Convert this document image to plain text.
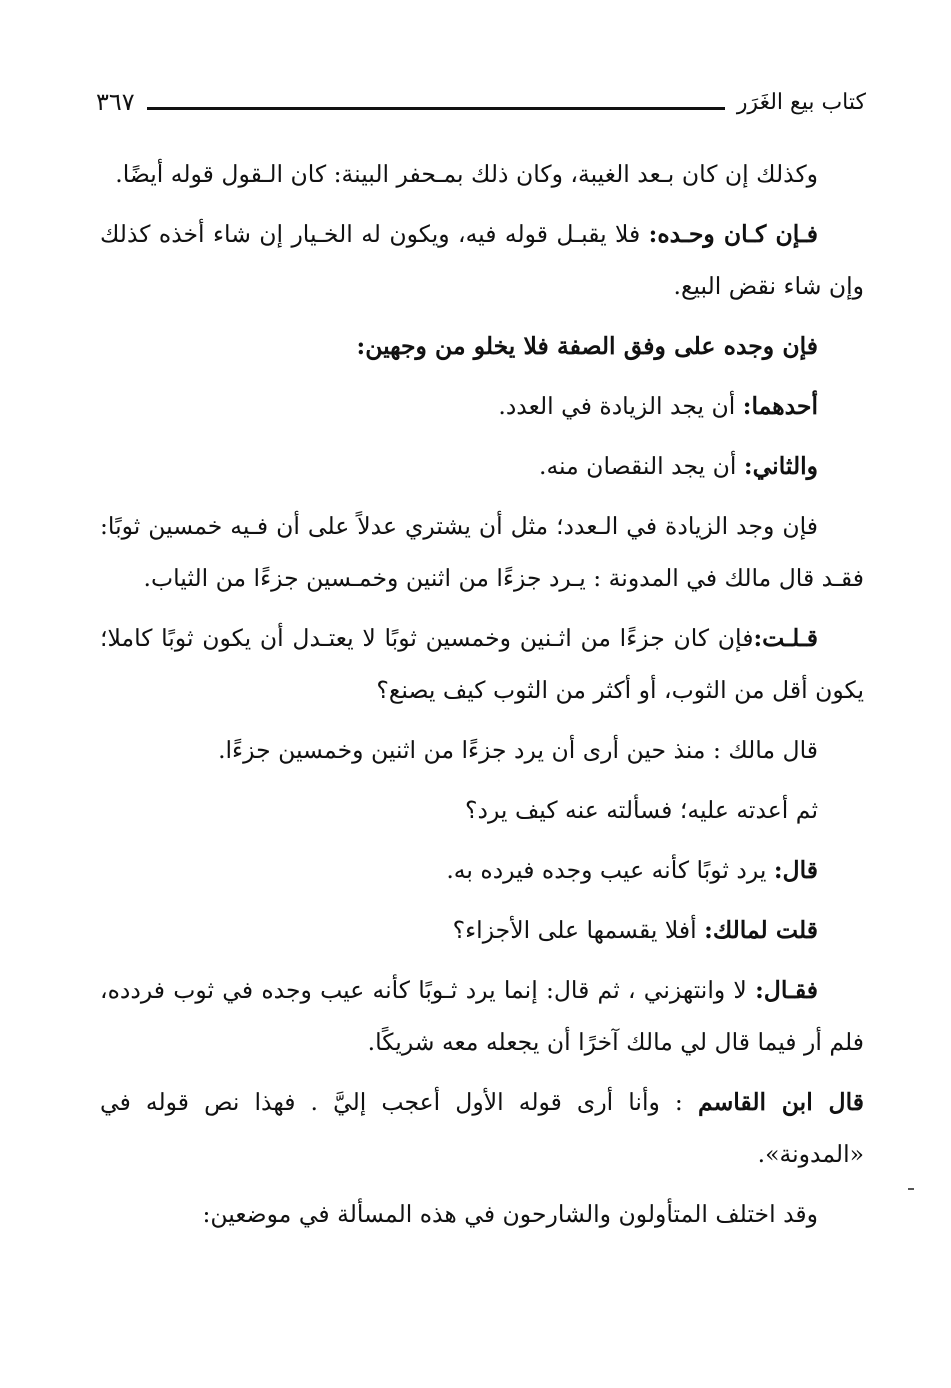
كتاب بيع الغَرَر
٣٦٧

وكذلك إن كان بـعد الغيبة، وكان ذلك بمـحفر البينة: كان الـقول قوله أيضًا.

فـإن كـان وحـده: فلا يقبـل قوله فيه، ويكون له الخـيار إن شاء أخذه كذلك وإن شاء نقض البيع.

فإن وجده على وفق الصفة فلا يخلو من وجهين:

أحدهما: أن يجد الزيادة في العدد.

والثاني: أن يجد النقصان منه.

فإن وجد الزيادة في الـعدد؛ مثل أن يشتري عدلاً على أن فـيه خمسين ثوبًا: فقـد قال مالك في المدونة : يـرد جزءًا من اثنين وخمـسين جزءًا من الثياب.

قـلـت:فإن كان جزءًا من اثـنين وخمسين ثوبًا لا يعتـدل أن يكون ثوبًا كاملا؛ يكون أقل من الثوب، أو أكثر من الثوب كيف يصنع؟

قال مالك : منذ حين أرى أن يرد جزءًا من اثنين وخمسين جزءًا.

ثم أعدته عليه؛ فسألته عنه كيف يرد؟

قال: يرد ثوبًا كأنه عيب وجده فيرده به.

قلت لمالك: أفلا يقسمها على الأجزاء؟

فقـال: لا وانتهزني ، ثم قال: إنما يرد ثـوبًا كأنه عيب وجده في ثوب فردده، فلم أر فيما قال لي مالك آخرًا أن يجعله معه شريكًا.

قال ابن القاسم : وأنا أرى قوله الأول أعجب إليَّ . فهذا نص قوله في «المدونة».

وقد اختلف المتأولون والشارحون في هذه المسألة في موضعين:
